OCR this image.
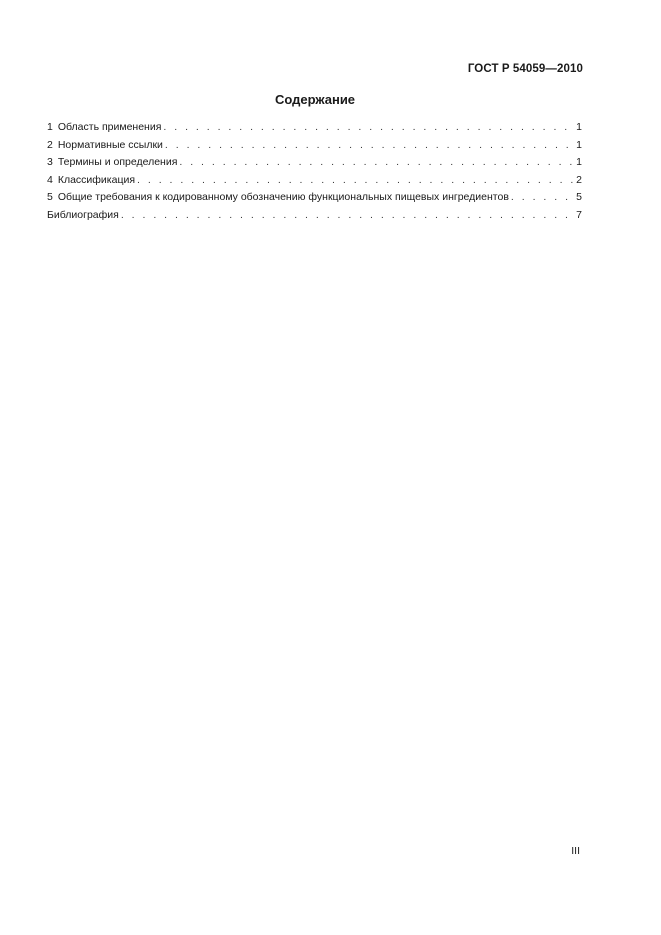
ГОСТ Р 54059—2010
Содержание
1 Область применения . . .	1
2 Нормативные ссылки . . .	1
3 Термины и определения . . .	1
4 Классификация . . .	2
5 Общие требования к кодированному обозначению функциональных пищевых ингредиентов . . .	5
Библиография . . .	7
III
